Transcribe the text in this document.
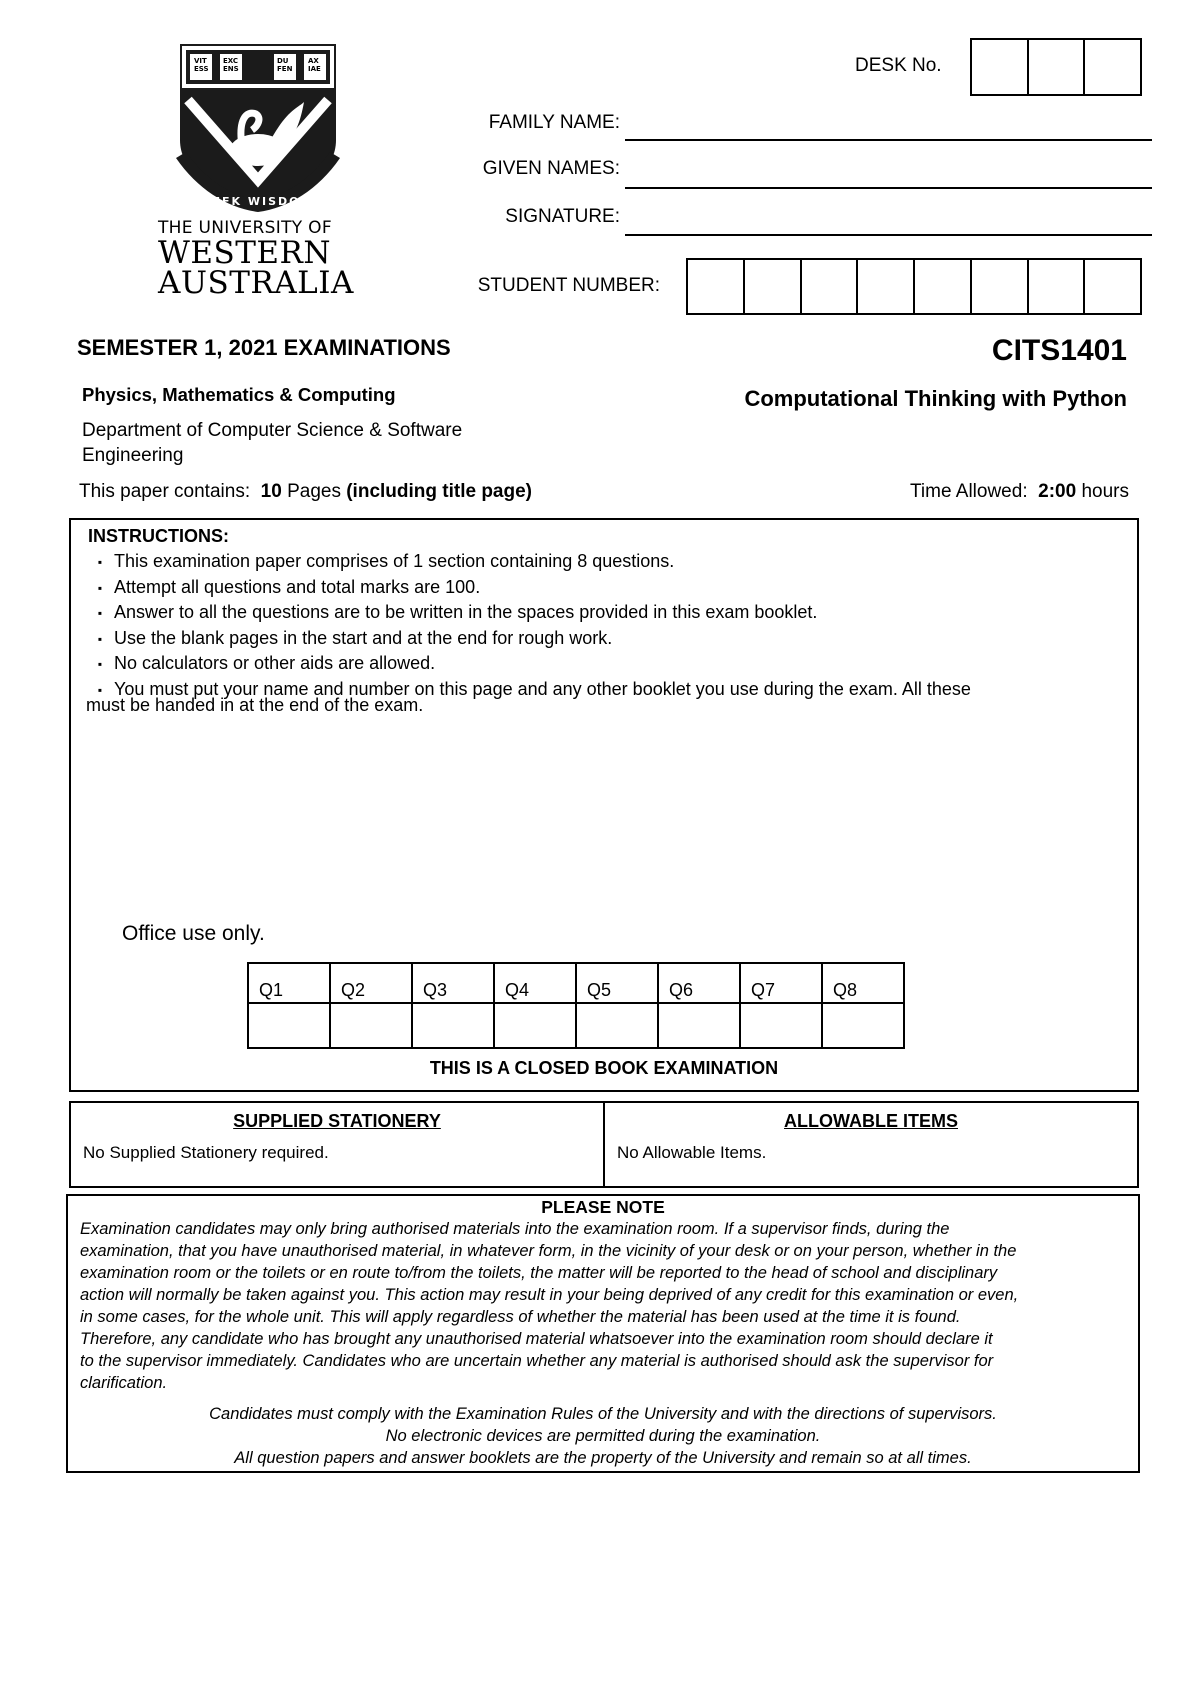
VIT
ESS
EXC
ENS
DU
FEN
AX
IAE
SEEK WISDOM
THE UNIVERSITY OF
WESTERN
AUSTRALIA
DESK No.
FAMILY NAME:
GIVEN NAMES:
SIGNATURE:
STUDENT NUMBER:
SEMESTER 1, 2021 EXAMINATIONS	CITS1401
Physics, Mathematics & Computing	Computational Thinking with Python
Department of Computer Science & Software Engineering
This paper contains: 10 Pages (including title page)	Time Allowed: 2:00 hours
INSTRUCTIONS:
▪ This examination paper comprises of 1 section containing 8 questions.
▪ Attempt all questions and total marks are 100.
▪ Answer to all the questions are to be written in the spaces provided in this exam booklet.
▪ Use the blank pages in the start and at the end for rough work.
▪ No calculators or other aids are allowed.
▪ You must put your name and number on this page and any other booklet you use during the exam. All these
must be handed in at the end of the exam.
Office use only.
Q1	Q2	Q3	Q4	Q5	Q6	Q7	Q8

THIS IS A CLOSED BOOK EXAMINATION
SUPPLIED STATIONERY
No Supplied Stationery required.
ALLOWABLE ITEMS
No Allowable Items.
PLEASE NOTE
Examination candidates may only bring authorised materials into the examination room. If a supervisor finds, during the
examination, that you have unauthorised material, in whatever form, in the vicinity of your desk or on your person, whether in the
examination room or the toilets or en route to/from the toilets, the matter will be reported to the head of school and disciplinary
action will normally be taken against you. This action may result in your being deprived of any credit for this examination or even,
in some cases, for the whole unit. This will apply regardless of whether the material has been used at the time it is found.
Therefore, any candidate who has brought any unauthorised material whatsoever into the examination room should declare it
to the supervisor immediately. Candidates who are uncertain whether any material is authorised should ask the supervisor for
clarification.
Candidates must comply with the Examination Rules of the University and with the directions of supervisors.
No electronic devices are permitted during the examination.
All question papers and answer booklets are the property of the University and remain so at all times.
